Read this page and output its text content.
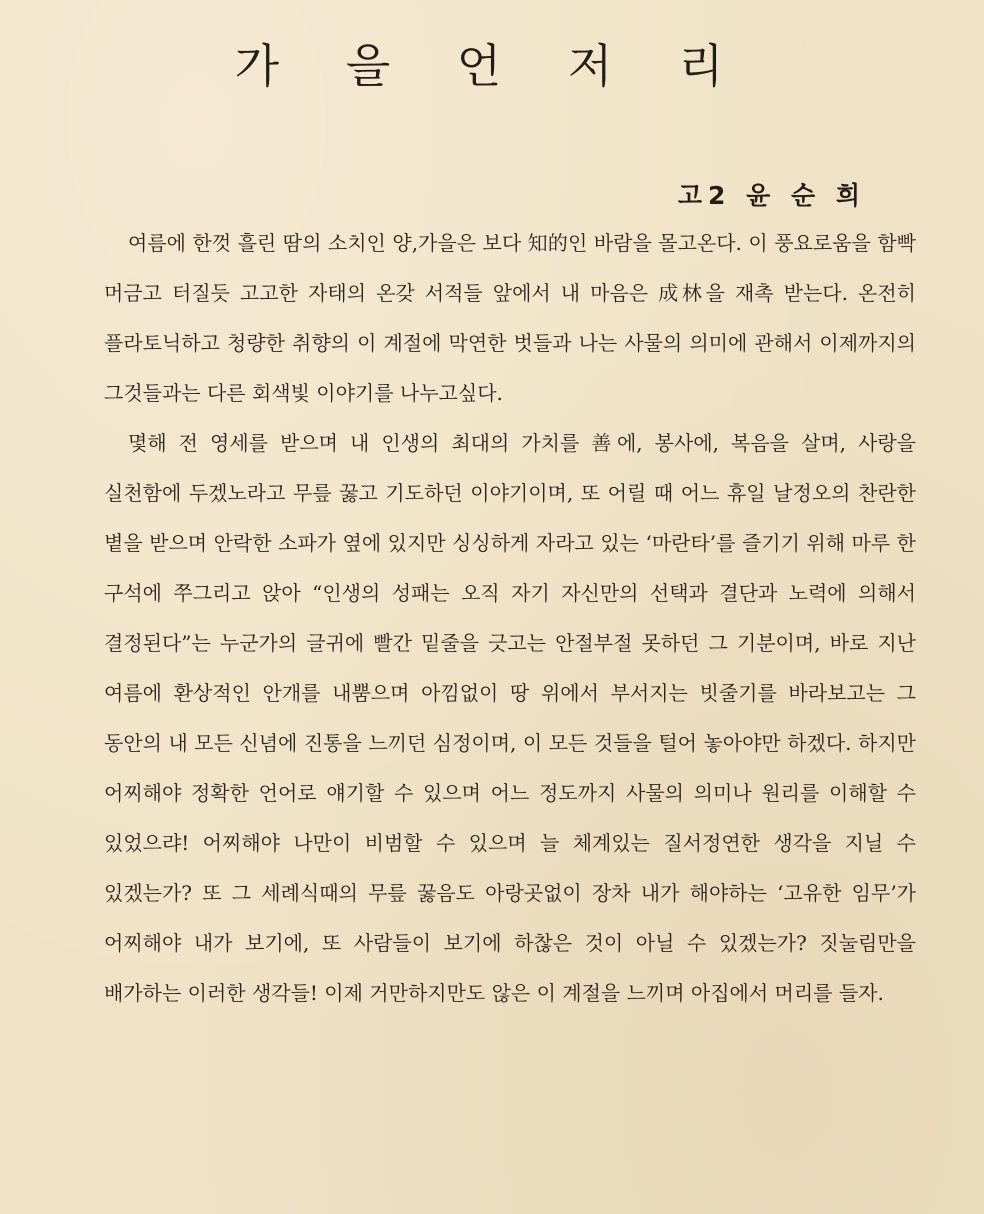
가 을 언 저 리
고2 윤 순 희

여름에 한껏 흘린 땀의 소치인 양,가을은 보다 知的인 바람을 몰고온다. 이 풍요로움을 함빡 머금고 터질듯 고고한 자태의 온갖 서적들 앞에서 내 마음은 成林을 재촉 받는다. 온전히 플라토닉하고 청량한 취향의 이 계절에 막연한 벗들과 나는 사물의 의미에 관해서 이제까지의 그것들과는 다른 회색빛 이야기를 나누고싶다.

몇해 전 영세를 받으며 내 인생의 최대의 가치를 善에, 봉사에, 복음을 살며, 사랑을 실천함에 두겠노라고 무릎 꿇고 기도하던 이야기이며, 또 어릴 때 어느 휴일 날정오의 찬란한 볕을 받으며 안락한 소파가 옆에 있지만 싱싱하게 자라고 있는 ‘마란타’를 즐기기 위해 마루 한 구석에 쭈그리고 앉아 “인생의 성패는 오직 자기 자신만의 선택과 결단과 노력에 의해서 결정된다”는 누군가의 글귀에 빨간 밑줄을 긋고는 안절부절 못하던 그 기분이며, 바로 지난 여름에 환상적인 안개를 내뿜으며 아낌없이 땅 위에서 부서지는 빗줄기를 바라보고는 그 동안의 내 모든 신념에 진통을 느끼던 심정이며, 이 모든 것들을 털어 놓아야만 하겠다. 하지만 어찌해야 정확한 언어로 얘기할 수 있으며 어느 정도까지 사물의 의미나 원리를 이해할 수 있었으랴! 어찌해야 나만이 비범할 수 있으며 늘 체계있는 질서정연한 생각을 지닐 수 있겠는가? 또 그 세례식때의 무릎 꿇음도 아랑곳없이 장차 내가 해야하는 ‘고유한 임무’가 어찌해야 내가 보기에, 또 사람들이 보기에 하찮은 것이 아닐 수 있겠는가? 짓눌림만을 배가하는 이러한 생각들! 이제 거만하지만도 않은 이 계절을 느끼며 아집에서 머리를 들자.
